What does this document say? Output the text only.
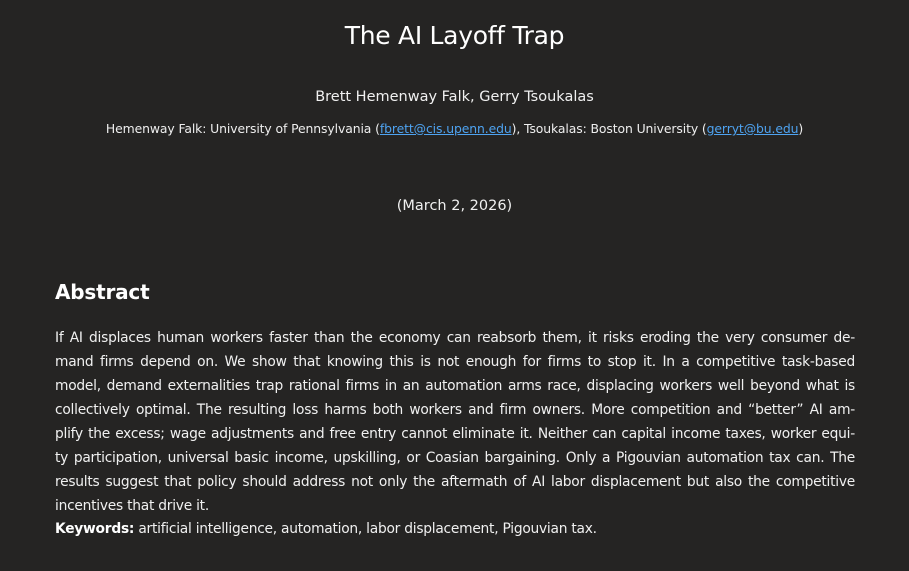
The AI Layoff Trap
Brett Hemenway Falk, Gerry Tsoukalas
Hemenway Falk: University of Pennsylvania (fbrett@cis.upenn.edu), Tsoukalas: Boston University (gerryt@bu.edu)
(March 2, 2026)
Abstract
If AI displaces human workers faster than the economy can reabsorb them, it risks eroding the very consumer de-
mand firms depend on. We show that knowing this is not enough for firms to stop it. In a competitive task-based
model, demand externalities trap rational firms in an automation arms race, displacing workers well beyond what is
collectively optimal. The resulting loss harms both workers and firm owners. More competition and “better” AI am-
plify the excess; wage adjustments and free entry cannot eliminate it. Neither can capital income taxes, worker equi-
ty participation, universal basic income, upskilling, or Coasian bargaining. Only a Pigouvian automation tax can. The
results suggest that policy should address not only the aftermath of AI labor displacement but also the competitive
incentives that drive it.
Keywords: artificial intelligence, automation, labor displacement, Pigouvian tax.
